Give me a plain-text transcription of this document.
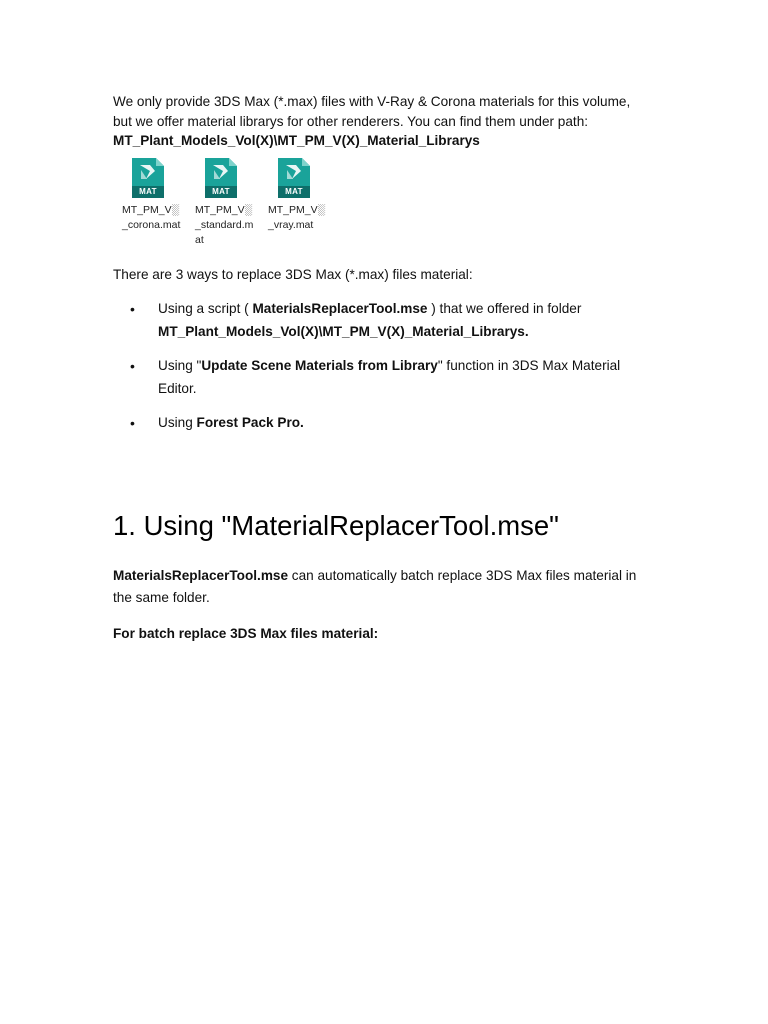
We only provide 3DS Max (*.max) files with V-Ray & Corona materials for this volume,
but we offer material librarys for other renderers. You can find them under path:
MT_Plant_Models_Vol(X)\MT_PM_V(X)_Material_Librarys

MAT
MT_PM_V░_corona.mat
MAT
MT_PM_V░_standard.mat
MAT
MT_PM_V░_vray.mat

There are 3 ways to replace 3DS Max (*.max) files material:

• Using a script ( MaterialsReplacerTool.mse ) that we offered in folder
MT_Plant_Models_Vol(X)\MT_PM_V(X)_Material_Librarys.
• Using "Update Scene Materials from Library" function in 3DS Max Material Editor.
• Using Forest Pack Pro.
1. Using "MaterialReplacerTool.mse"

MaterialsReplacerTool.mse can automatically batch replace 3DS Max files material in the same folder.

For batch replace 3DS Max files material:
